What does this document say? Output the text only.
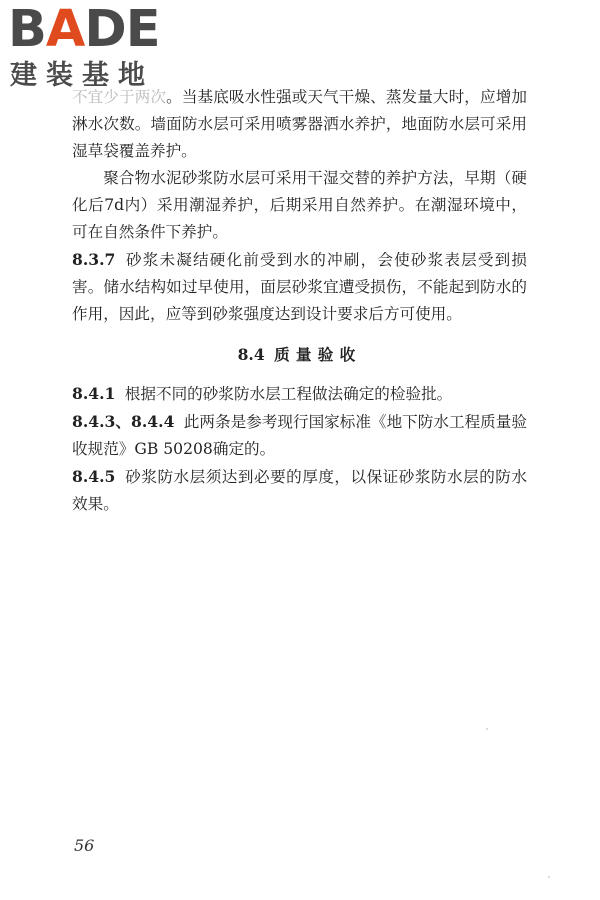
BADE
建装基地

不宜少于两次。当基底吸水性强或天气干燥、蒸发量大时，应增加淋水次数。墙面防水层可采用喷雾器洒水养护，地面防水层可采用湿草袋覆盖养护。

聚合物水泥砂浆防水层可采用干湿交替的养护方法，早期（硬化后7d内）采用潮湿养护，后期采用自然养护。在潮湿环境中，可在自然条件下养护。

8.3.7 砂浆未凝结硬化前受到水的冲刷，会使砂浆表层受到损害。储水结构如过早使用，面层砂浆宜遭受损伤，不能起到防水的作用，因此，应等到砂浆强度达到设计要求后方可使用。

8.4 质量验收

8.4.1 根据不同的砂浆防水层工程做法确定的检验批。

8.4.3、8.4.4 此两条是参考现行国家标准《地下防水工程质量验收规范》GB 50208确定的。

8.4.5 砂浆防水层须达到必要的厚度，以保证砂浆防水层的防水效果。

56
